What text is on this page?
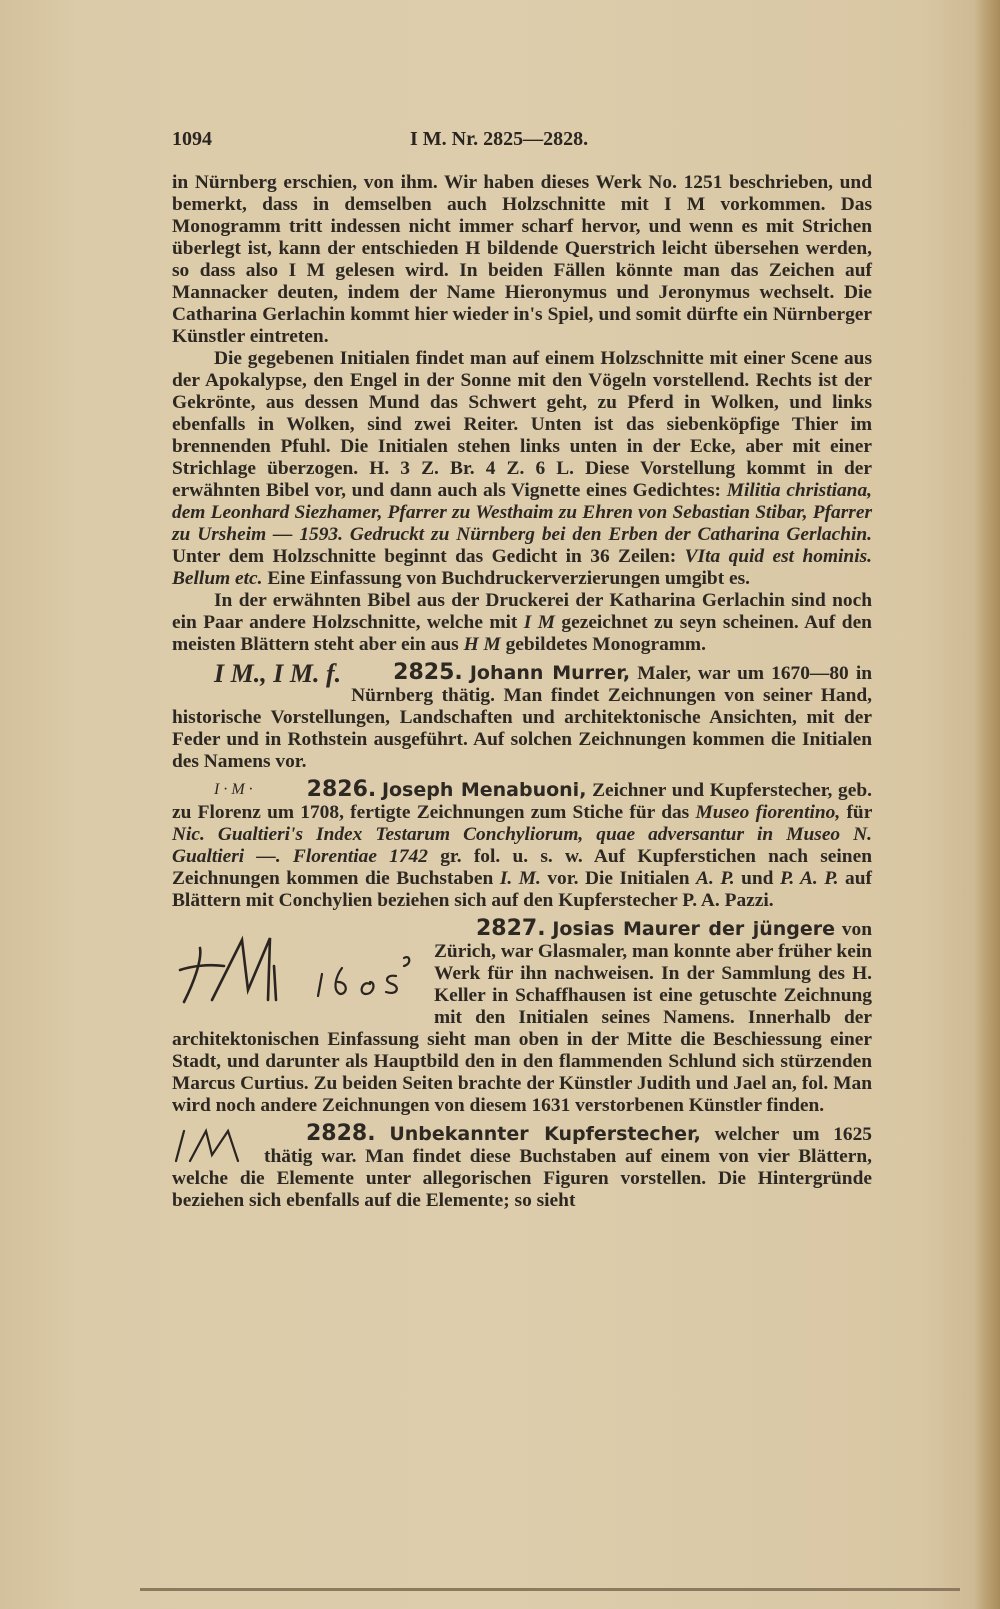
1094	I M. Nr. 2825—2828.

in Nürnberg erschien, von ihm. Wir haben dieses Werk No. 1251 beschrieben, und bemerkt, dass in demselben auch Holzschnitte mit I M vorkommen. Das Monogramm tritt indessen nicht immer scharf hervor, und wenn es mit Strichen überlegt ist, kann der entschieden H bildende Querstrich leicht übersehen werden, so dass also I M gelesen wird. In beiden Fällen könnte man das Zeichen auf Mannacker deuten, indem der Name Hieronymus und Jeronymus wechselt. Die Catharina Gerlachin kommt hier wieder in's Spiel, und somit dürfte ein Nürnberger Künstler eintreten.

Die gegebenen Initialen findet man auf einem Holzschnitte mit einer Scene aus der Apokalypse, den Engel in der Sonne mit den Vögeln vorstellend. Rechts ist der Gekrönte, aus dessen Mund das Schwert geht, zu Pferd in Wolken, und links ebenfalls in Wolken, sind zwei Reiter. Unten ist das siebenköpfige Thier im brennenden Pfuhl. Die Initialen stehen links unten in der Ecke, aber mit einer Strichlage überzogen. H. 3 Z. Br. 4 Z. 6 L. Diese Vorstellung kommt in der erwähnten Bibel vor, und dann auch als Vignette eines Gedichtes: Militia christiana, dem Leonhard Siezhamer, Pfarrer zu Westhaim zu Ehren von Sebastian Stibar, Pfarrer zu Ursheim — 1593. Gedruckt zu Nürnberg bei den Erben der Catharina Gerlachin. Unter dem Holzschnitte beginnt das Gedicht in 36 Zeilen: VIta quid est hominis. Bellum etc. Eine Einfassung von Buchdruckerverzierungen umgibt es.

In der erwähnten Bibel aus der Druckerei der Katharina Gerlachin sind noch ein Paar andere Holzschnitte, welche mit I M gezeichnet zu seyn scheinen. Auf den meisten Blättern steht aber ein aus H M gebildetes Monogramm.

2825. Johann Murrer,
I M., I M. f.	Maler, war um 1670—80 in Nürnberg thätig. Man findet Zeichnungen von seiner Hand, historische Vorstellungen, Landschaften und architektonische Ansichten, mit der Feder und in Rothstein ausgeführt. Auf solchen Zeichnungen kommen die Initialen des Namens vor.

2826. Joseph Menabuoni,
I · M ·	Zeichner und Kupferstecher, geb. zu Florenz um 1708, fertigte Zeichnungen zum Stiche für das Museo fiorentino, für Nic. Gualtieri's Index Testarum Conchyliorum, quae adversantur in Museo N. Gualtieri —. Florentiae 1742 gr. fol. u. s. w. Auf Kupferstichen nach seinen Zeichnungen kommen die Buchstaben I. M. vor. Die Initialen A. P. und P. A. P. auf Blättern mit Conchylien beziehen sich auf den Kupferstecher P. A. Pazzi.

2827. Josias Maurer der jüngere von Zürich, war Glasmaler, man konnte aber früher kein Werk für ihn nachweisen. In der Sammlung des H. Keller in Schaffhausen ist eine getuschte Zeichnung mit den Initialen seines Namens. Innerhalb der architektonischen Einfassung sieht man oben in der Mitte die Beschiessung einer Stadt, und darunter als Hauptbild den in den flammenden Schlund sich stürzenden Marcus Curtius. Zu beiden Seiten brachte der Künstler Judith und Jael an, fol. Man wird noch andere Zeichnungen von diesem 1631 verstorbenen Künstler finden.

2828. Unbekannter Kupferstecher, welcher um 1625 thätig war. Man findet diese Buchstaben auf einem von vier Blättern, welche die Elemente unter allegorischen Figuren vorstellen. Die Hintergründe beziehen sich ebenfalls auf die Elemente; so sieht
